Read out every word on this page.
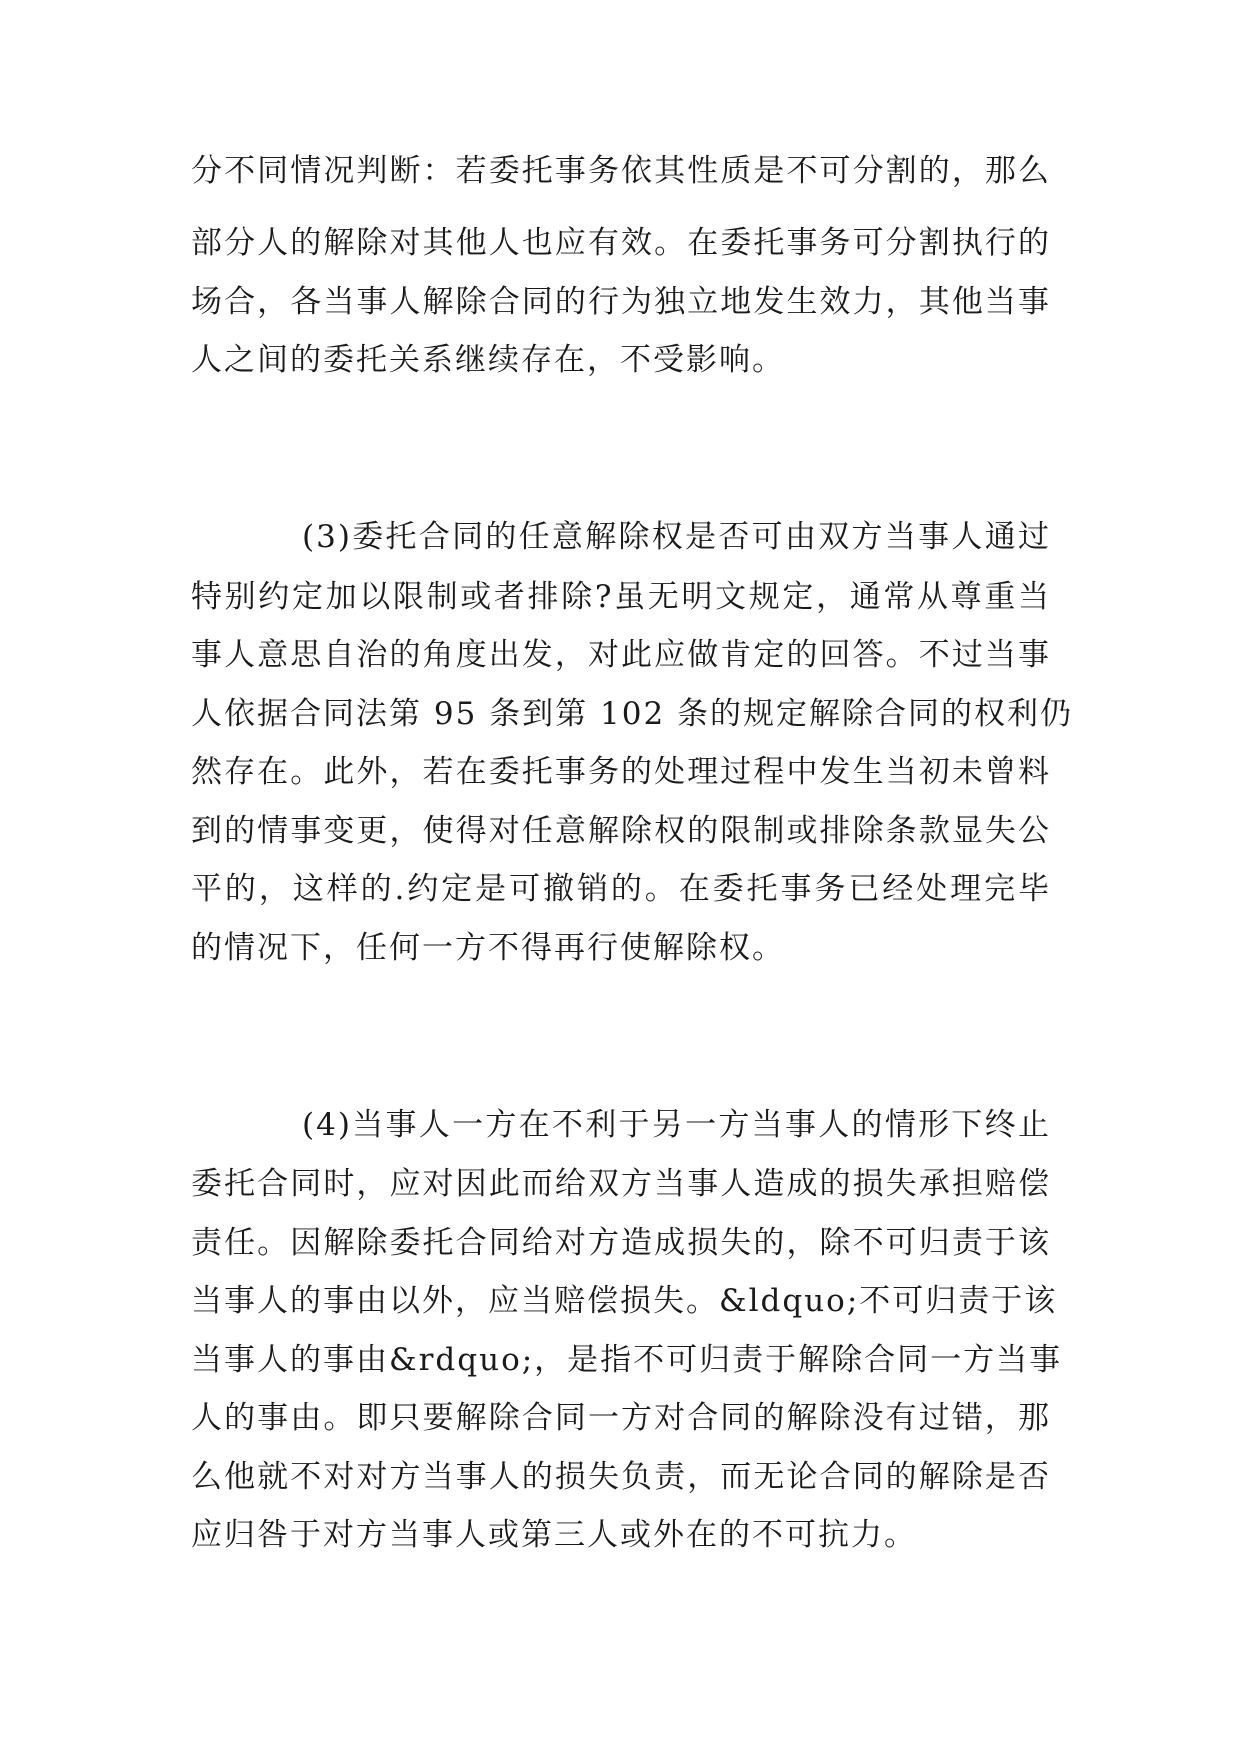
分不同情况判断：若委托事务依其性质是不可分割的，那么
部分人的解除对其他人也应有效。在委托事务可分割执行的
场合，各当事人解除合同的行为独立地发生效力，其他当事
人之间的委托关系继续存在，不受影响。
(3)委托合同的任意解除权是否可由双方当事人通过
特别约定加以限制或者排除?虽无明文规定，通常从尊重当
事人意思自治的角度出发，对此应做肯定的回答。不过当事
人依据合同法第 95 条到第 102 条的规定解除合同的权利仍
然存在。此外，若在委托事务的处理过程中发生当初未曾料
到的情事变更，使得对任意解除权的限制或排除条款显失公
平的，这样的.约定是可撤销的。在委托事务已经处理完毕
的情况下，任何一方不得再行使解除权。
(4)当事人一方在不利于另一方当事人的情形下终止
委托合同时，应对因此而给双方当事人造成的损失承担赔偿
责任。因解除委托合同给对方造成损失的，除不可归责于该
当事人的事由以外，应当赔偿损失。&ldquo;不可归责于该
当事人的事由&rdquo;，是指不可归责于解除合同一方当事
人的事由。即只要解除合同一方对合同的解除没有过错，那
么他就不对对方当事人的损失负责，而无论合同的解除是否
应归咎于对方当事人或第三人或外在的不可抗力。
